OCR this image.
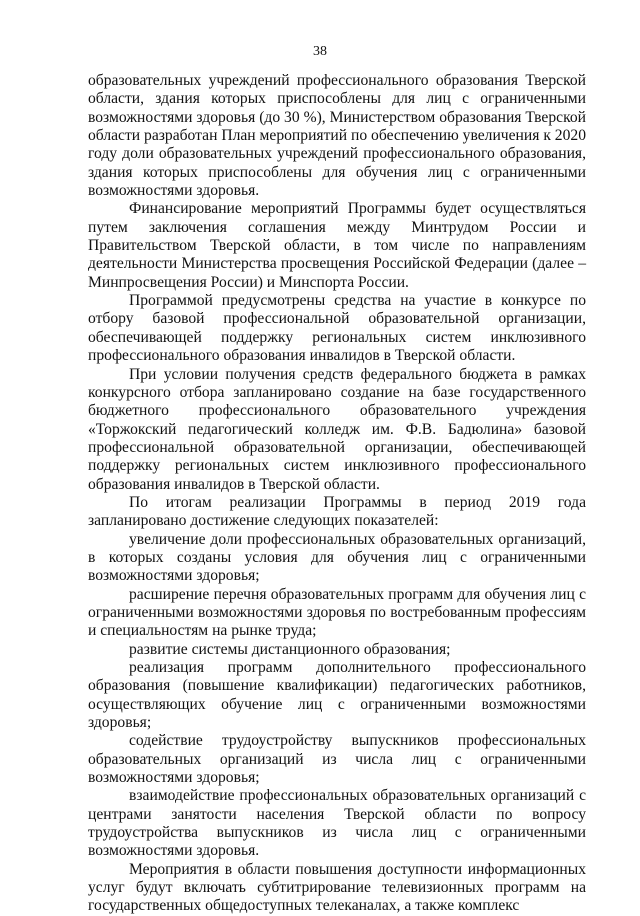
38

образовательных учреждений профессионального образования Тверской области, здания которых приспособлены для лиц с ограниченными возможностями здоровья (до 30 %), Министерством образования Тверской области разработан План мероприятий по обеспечению увеличения к 2020 году доли образовательных учреждений профессионального образования, здания которых приспособлены для обучения лиц с ограниченными возможностями здоровья.

Финансирование мероприятий Программы будет осуществляться путем заключения соглашения между Минтрудом России и Правительством Тверской области, в том числе по направлениям деятельности Министерства просвещения Российской Федерации (далее – Минпросвещения России) и Минспорта России.

Программой предусмотрены средства на участие в конкурсе по отбору базовой профессиональной образовательной организации, обеспечивающей поддержку региональных систем инклюзивного профессионального образования инвалидов в Тверской области.

При условии получения средств федерального бюджета в рамках конкурсного отбора запланировано создание на базе государственного бюджетного профессионального образовательного учреждения «Торжокский педагогический колледж им. Ф.В. Бадюлина» базовой профессиональной образовательной организации, обеспечивающей поддержку региональных систем инклюзивного профессионального образования инвалидов в Тверской области.

По итогам реализации Программы в период 2019 года запланировано достижение следующих показателей:

увеличение доли профессиональных образовательных организаций, в которых созданы условия для обучения лиц с ограниченными возможностями здоровья;

расширение перечня образовательных программ для обучения лиц с ограниченными возможностями здоровья по востребованным профессиям и специальностям на рынке труда;

развитие системы дистанционного образования;

реализация программ дополнительного профессионального образования (повышение квалификации) педагогических работников, осуществляющих обучение лиц с ограниченными возможностями здоровья;

содействие трудоустройству выпускников профессиональных образовательных организаций из числа лиц с ограниченными возможностями здоровья;

взаимодействие профессиональных образовательных организаций с центрами занятости населения Тверской области по вопросу трудоустройства выпускников из числа лиц с ограниченными возможностями здоровья.

Мероприятия в области повышения доступности информационных услуг будут включать субтитрирование телевизионных программ на государственных общедоступных телеканалах, а также комплекс
